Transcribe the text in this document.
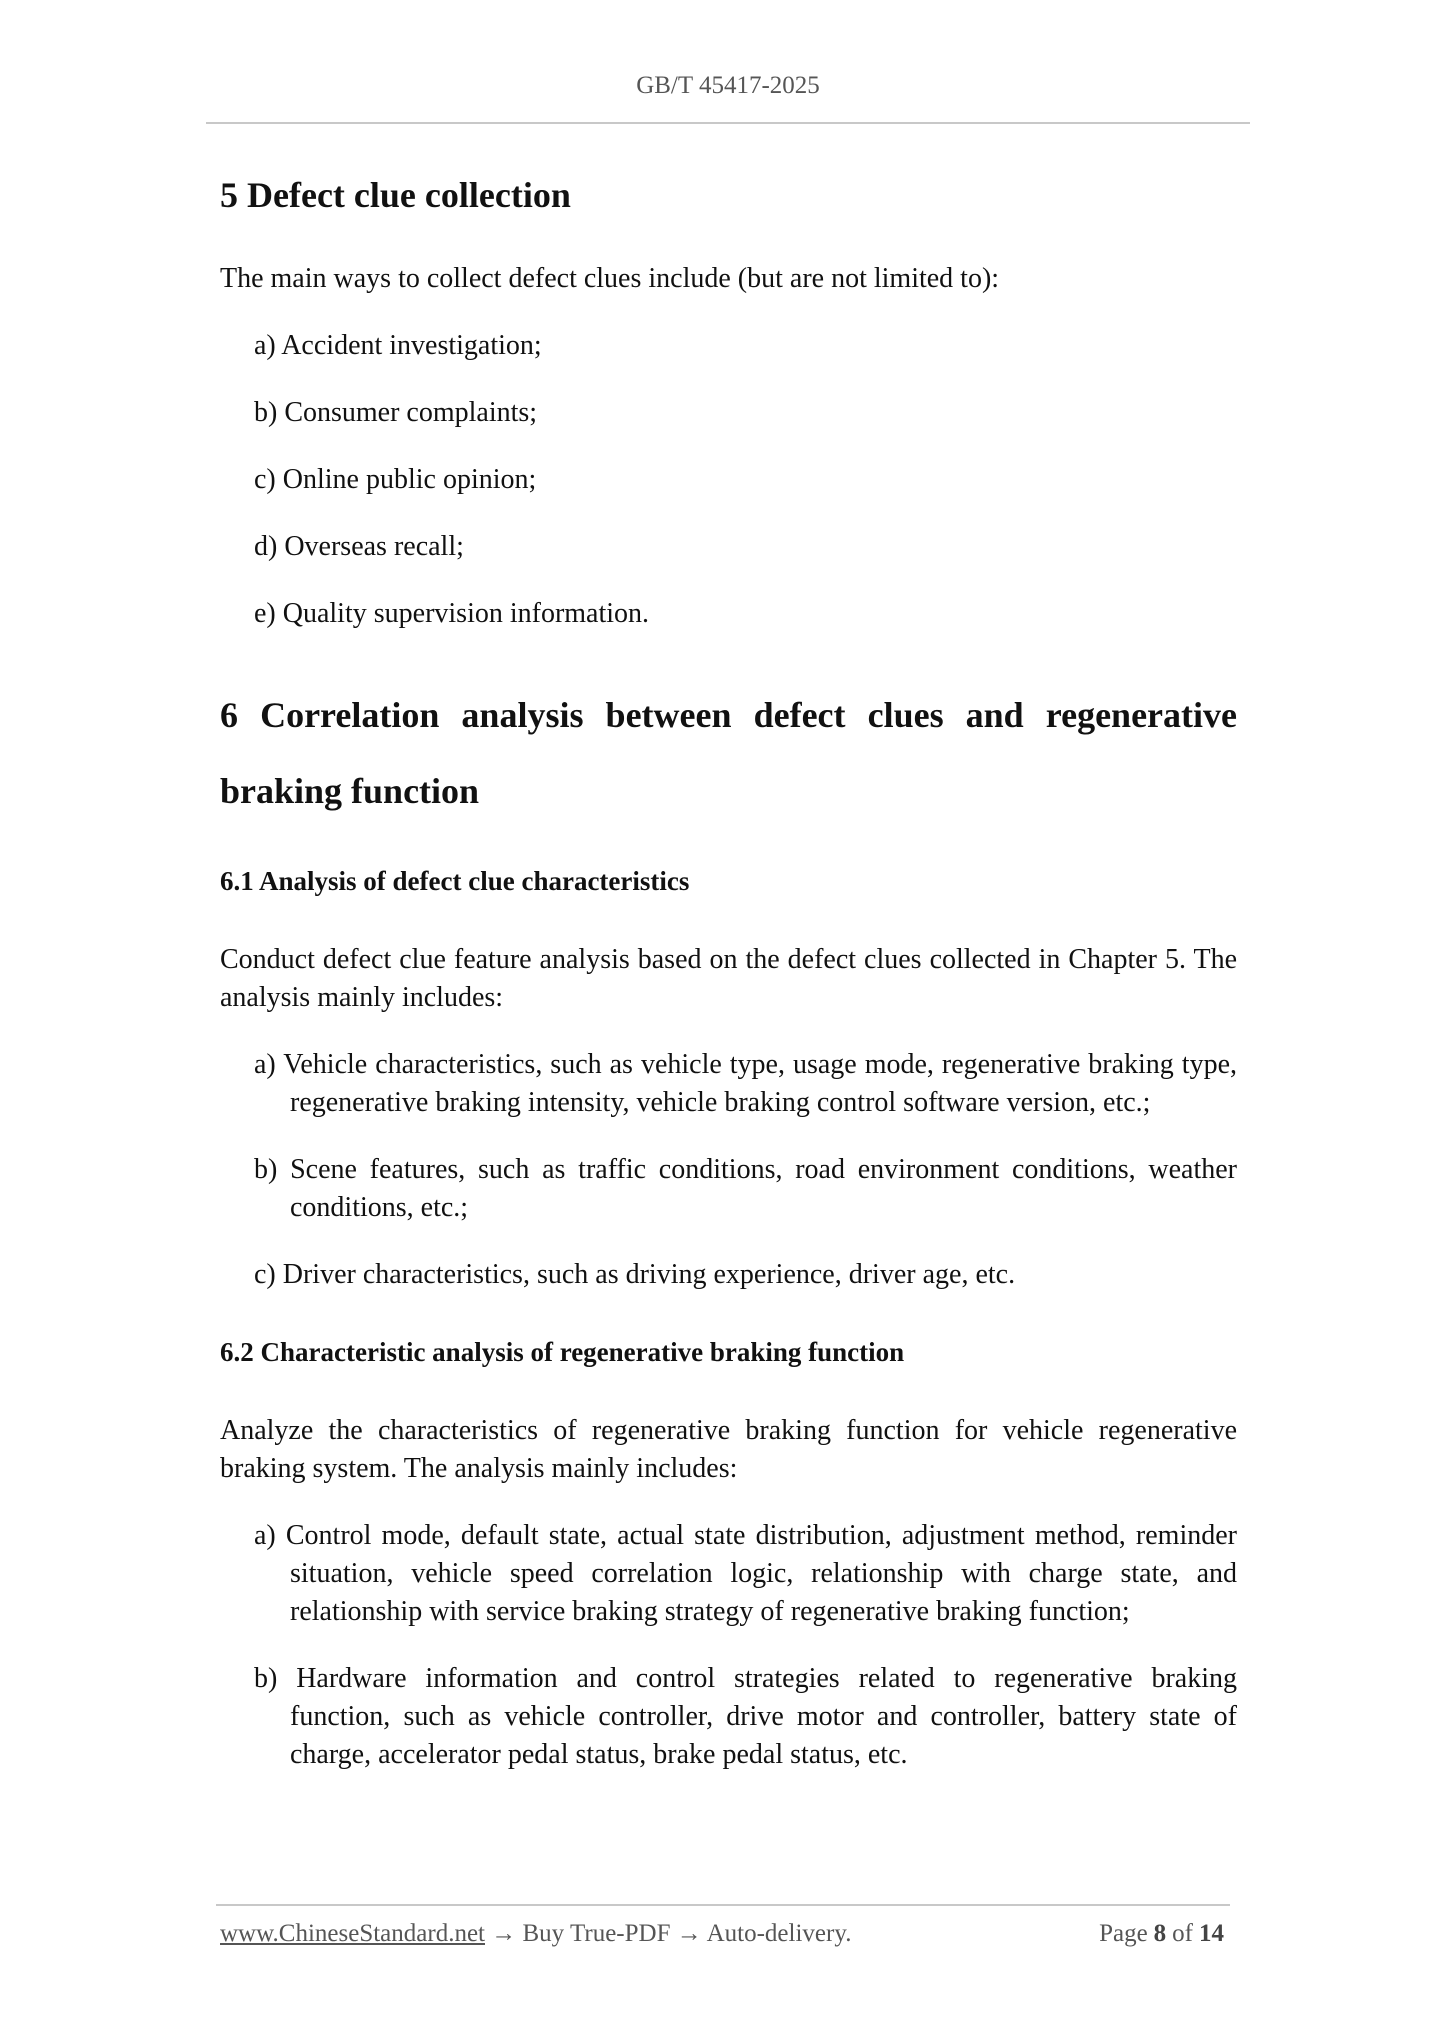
GB/T 45417-2025
5 Defect clue collection

The main ways to collect defect clues include (but are not limited to):

a) Accident investigation;
b) Consumer complaints;
c) Online public opinion;
d) Overseas recall;
e) Quality supervision information.
6 Correlation analysis between defect clues and regenerative braking function
6.1 Analysis of defect clue characteristics

Conduct defect clue feature analysis based on the defect clues collected in Chapter 5. The analysis mainly includes:

a) Vehicle characteristics, such as vehicle type, usage mode, regenerative braking type, regenerative braking intensity, vehicle braking control software version, etc.;
b) Scene features, such as traffic conditions, road environment conditions, weather conditions, etc.;
c) Driver characteristics, such as driving experience, driver age, etc.
6.2 Characteristic analysis of regenerative braking function

Analyze the characteristics of regenerative braking function for vehicle regenerative braking system. The analysis mainly includes:

a) Control mode, default state, actual state distribution, adjustment method, reminder situation, vehicle speed correlation logic, relationship with charge state, and relationship with service braking strategy of regenerative braking function;
b) Hardware information and control strategies related to regenerative braking function, such as vehicle controller, drive motor and controller, battery state of charge, accelerator pedal status, brake pedal status, etc.
www.ChineseStandard.net → Buy True-PDF → Auto-delivery.	Page 8 of 14
